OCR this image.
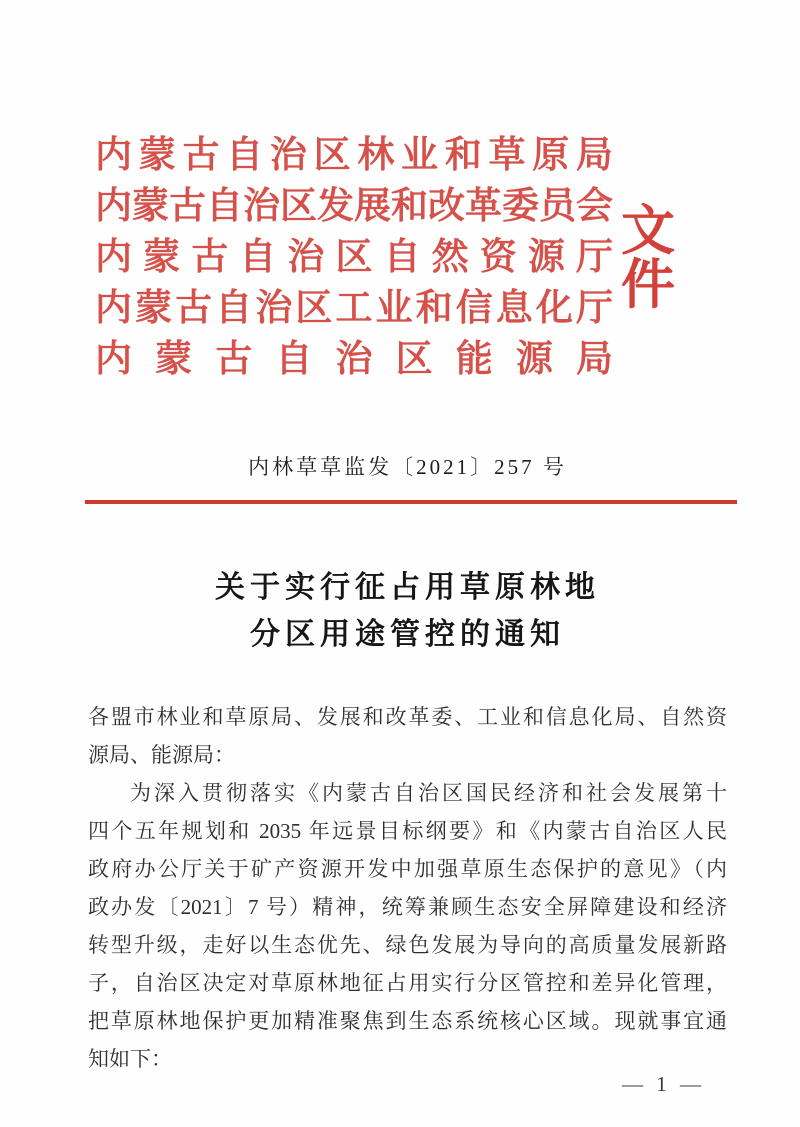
内 蒙 古 自 治 区 林 业 和 草 原 局
内 蒙 古 自 治 区 发 展 和 改 革 委 员 会
内 蒙 古 自 治 区 自 然 资 源 厅
内 蒙 古 自 治 区 工 业 和 信 息 化 厅
内 蒙 古 自 治 区 能 源 局
文件
内林草草监发〔2021〕257 号
关于实行征占用草原林地
分区用途管控的通知
各盟市林业和草原局、发展和改革委、工业和信息化局、自然资
源局、能源局：
为深入贯彻落实《内蒙古自治区国民经济和社会发展第十
四个五年规划和 2035 年远景目标纲要》和《内蒙古自治区人民
政府办公厅关于矿产资源开发中加强草原生态保护的意见》（内
政办发〔2021〕7 号）精神，统筹兼顾生态安全屏障建设和经济
转型升级，走好以生态优先、绿色发展为导向的高质量发展新路
子，自治区决定对草原林地征占用实行分区管控和差异化管理，
把草原林地保护更加精准聚焦到生态系统核心区域。现就事宜通
知如下：
— 1 —
